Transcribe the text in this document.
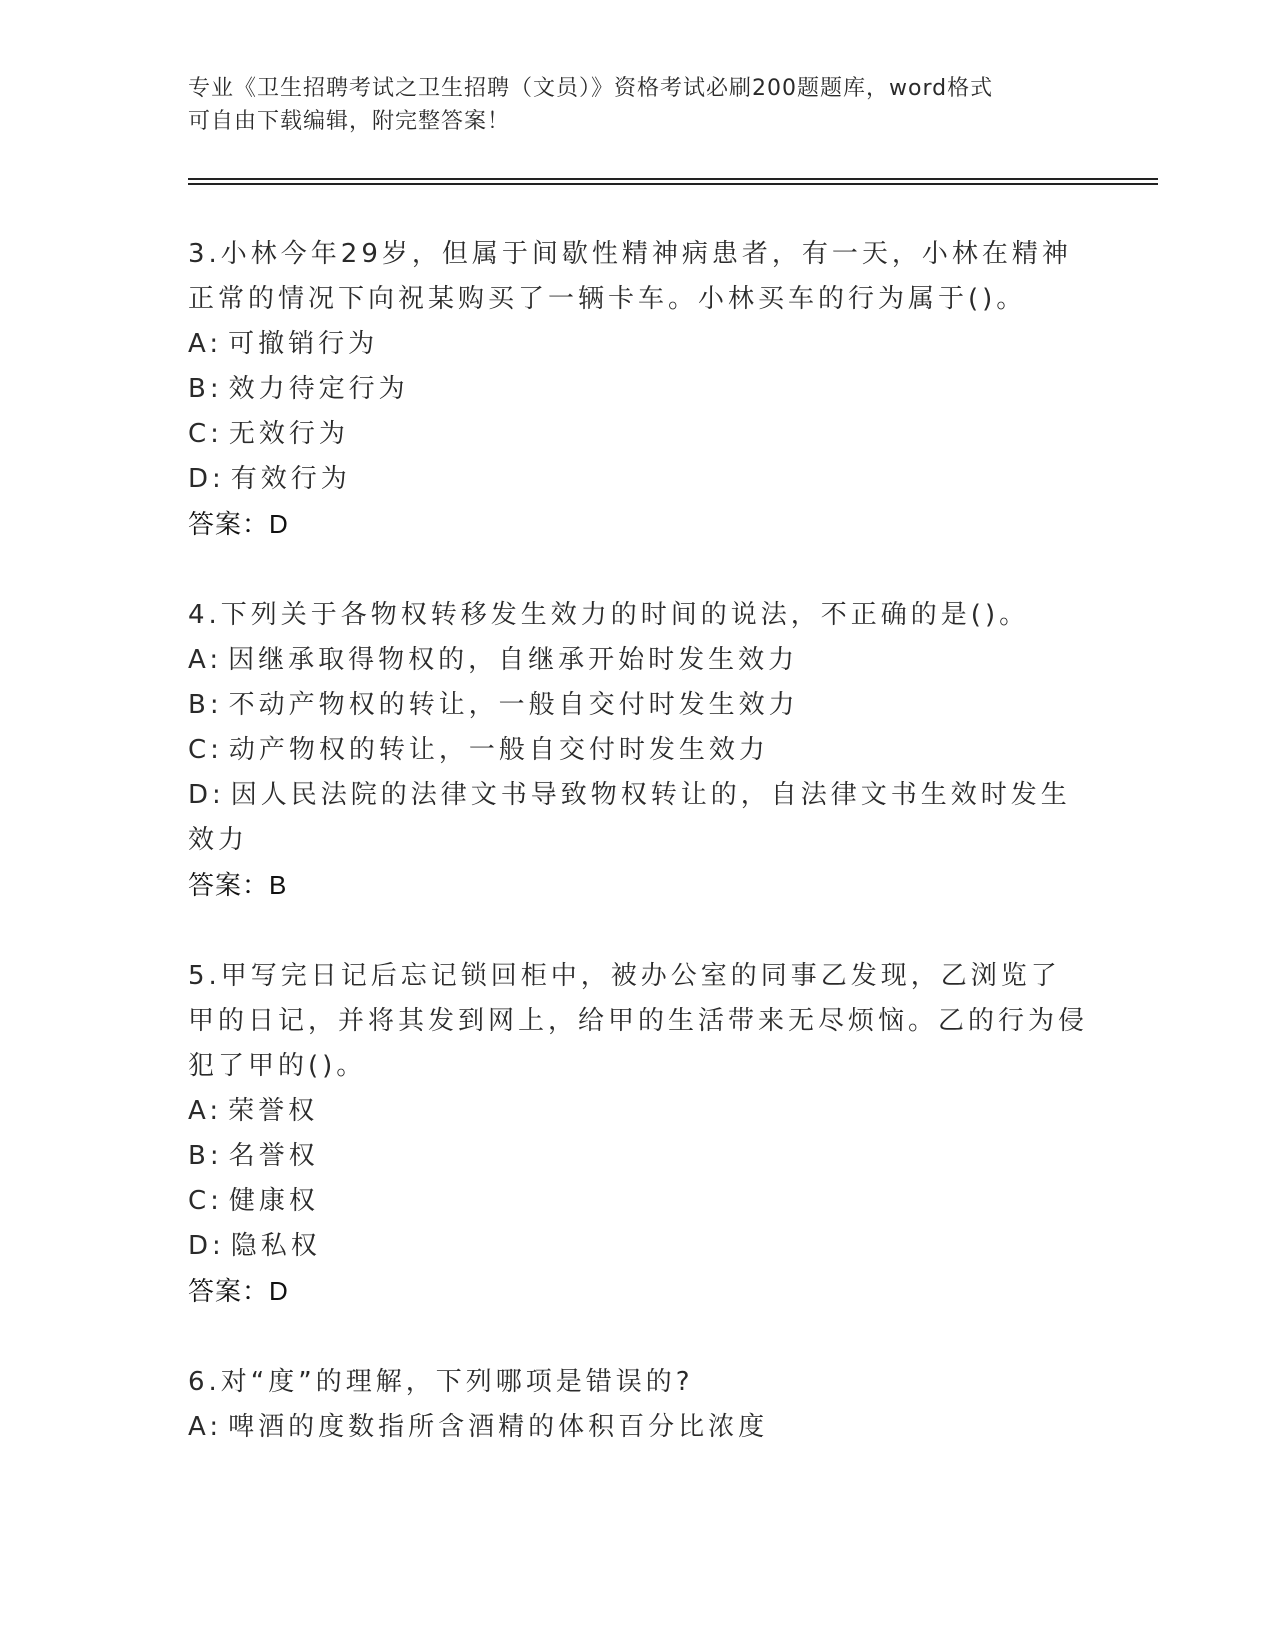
专业《卫生招聘考试之卫生招聘（文员）》资格考试必刷200题题库，word格式
可自由下载编辑，附完整答案！
3.小林今年29岁，但属于间歇性精神病患者，有一天，小林在精神正常的情况下向祝某购买了一辆卡车。小林买车的行为属于()。
A: 可撤销行为
B: 效力待定行为
C: 无效行为
D: 有效行为
答案：D
4.下列关于各物权转移发生效力的时间的说法，不正确的是()。
A: 因继承取得物权的，自继承开始时发生效力
B: 不动产物权的转让，一般自交付时发生效力
C: 动产物权的转让，一般自交付时发生效力
D: 因人民法院的法律文书导致物权转让的，自法律文书生效时发生效力
答案：B
5.甲写完日记后忘记锁回柜中，被办公室的同事乙发现，乙浏览了甲的日记，并将其发到网上，给甲的生活带来无尽烦恼。乙的行为侵犯了甲的()。
A: 荣誉权
B: 名誉权
C: 健康权
D: 隐私权
答案：D
6.对“度”的理解，下列哪项是错误的?
A: 啤酒的度数指所含酒精的体积百分比浓度
